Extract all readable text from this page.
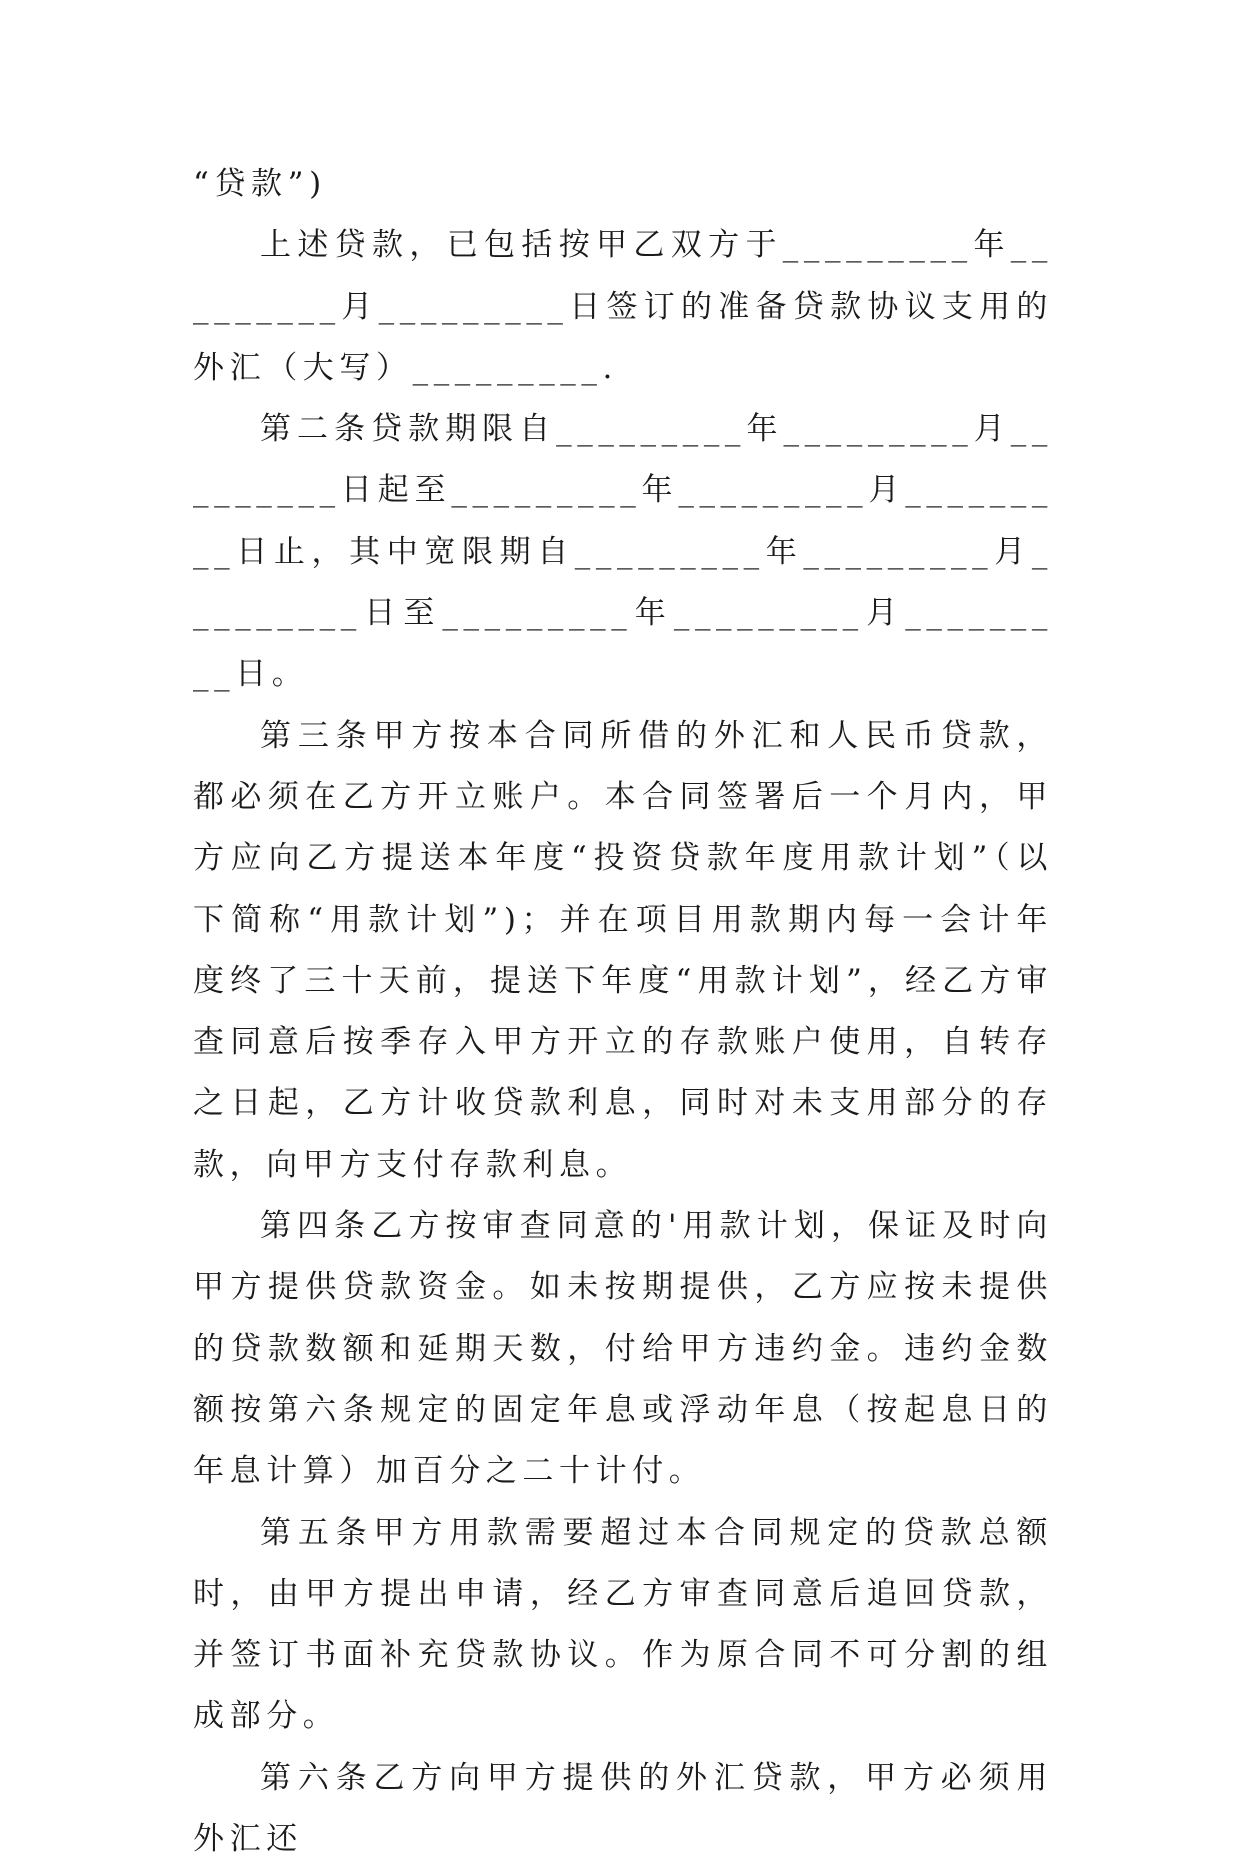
“贷款”)

上述贷款，已包括按甲乙双方于_________年_________月_________日签订的准备贷款协议支用的外汇（大写）_________.

第二条贷款期限自_________年_________月_________日起至_________年_________月_________日止，其中宽限期自_________年_________月_________日至_________年_________月_________日。

第三条甲方按本合同所借的外汇和人民币贷款，都必须在乙方开立账户。本合同签署后一个月内，甲方应向乙方提送本年度“投资贷款年度用款计划”（以下简称“用款计划”)；并在项目用款期内每一会计年度终了三十天前，提送下年度“用款计划”，经乙方审查同意后按季存入甲方开立的存款账户使用，自转存之日起，乙方计收贷款利息，同时对未支用部分的存款，向甲方支付存款利息。

第四条乙方按审查同意的'用款计划，保证及时向甲方提供贷款资金。如未按期提供，乙方应按未提供的贷款数额和延期天数，付给甲方违约金。违约金数额按第六条规定的固定年息或浮动年息（按起息日的年息计算）加百分之二十计付。

第五条甲方用款需要超过本合同规定的贷款总额时，由甲方提出申请，经乙方审查同意后追回贷款，并签订书面补充贷款协议。作为原合同不可分割的组成部分。

第六条乙方向甲方提供的外汇贷款，甲方必须用外汇还
